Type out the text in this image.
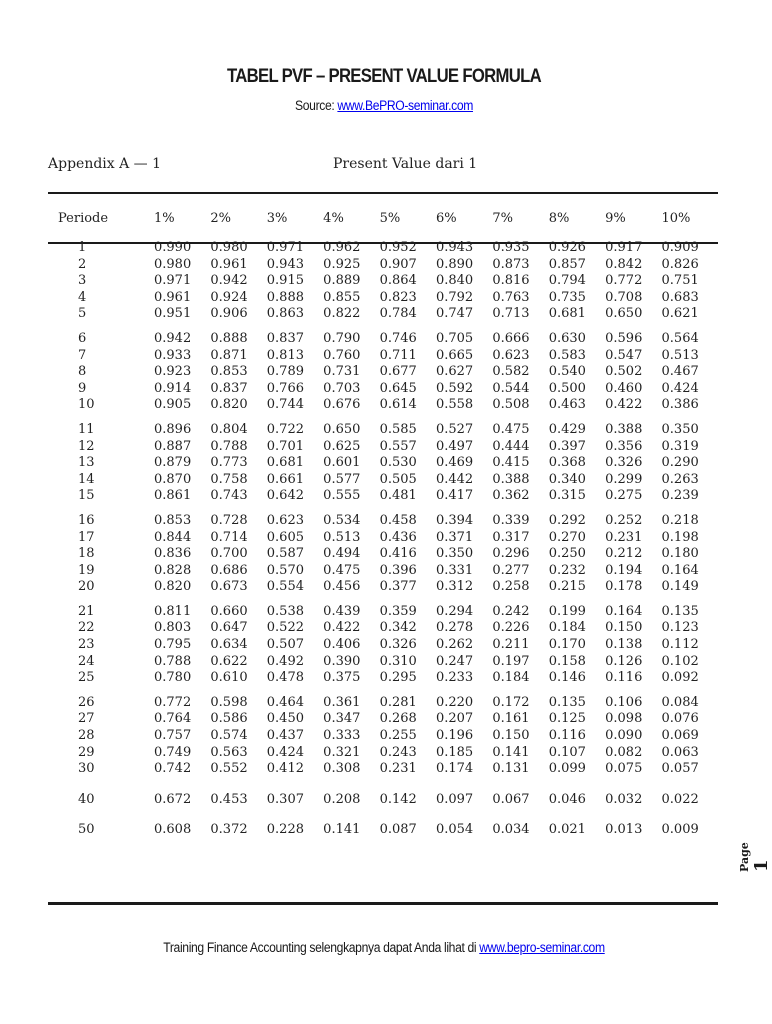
TABEL PVF – PRESENT VALUE FORMULA
Source: www.BePRO-seminar.com
Appendix A — 1	Present Value dari 1
Periode	1%	2%	3%	4%	5%	6%	7%	8%	9%	10%
1	0.990	0.980	0.971	0.962	0.952	0.943	0.935	0.926	0.917	0.909
2	0.980	0.961	0.943	0.925	0.907	0.890	0.873	0.857	0.842	0.826
3	0.971	0.942	0.915	0.889	0.864	0.840	0.816	0.794	0.772	0.751
4	0.961	0.924	0.888	0.855	0.823	0.792	0.763	0.735	0.708	0.683
5	0.951	0.906	0.863	0.822	0.784	0.747	0.713	0.681	0.650	0.621
6	0.942	0.888	0.837	0.790	0.746	0.705	0.666	0.630	0.596	0.564
7	0.933	0.871	0.813	0.760	0.711	0.665	0.623	0.583	0.547	0.513
8	0.923	0.853	0.789	0.731	0.677	0.627	0.582	0.540	0.502	0.467
9	0.914	0.837	0.766	0.703	0.645	0.592	0.544	0.500	0.460	0.424
10	0.905	0.820	0.744	0.676	0.614	0.558	0.508	0.463	0.422	0.386
11	0.896	0.804	0.722	0.650	0.585	0.527	0.475	0.429	0.388	0.350
12	0.887	0.788	0.701	0.625	0.557	0.497	0.444	0.397	0.356	0.319
13	0.879	0.773	0.681	0.601	0.530	0.469	0.415	0.368	0.326	0.290
14	0.870	0.758	0.661	0.577	0.505	0.442	0.388	0.340	0.299	0.263
15	0.861	0.743	0.642	0.555	0.481	0.417	0.362	0.315	0.275	0.239
16	0.853	0.728	0.623	0.534	0.458	0.394	0.339	0.292	0.252	0.218
17	0.844	0.714	0.605	0.513	0.436	0.371	0.317	0.270	0.231	0.198
18	0.836	0.700	0.587	0.494	0.416	0.350	0.296	0.250	0.212	0.180
19	0.828	0.686	0.570	0.475	0.396	0.331	0.277	0.232	0.194	0.164
20	0.820	0.673	0.554	0.456	0.377	0.312	0.258	0.215	0.178	0.149
21	0.811	0.660	0.538	0.439	0.359	0.294	0.242	0.199	0.164	0.135
22	0.803	0.647	0.522	0.422	0.342	0.278	0.226	0.184	0.150	0.123
23	0.795	0.634	0.507	0.406	0.326	0.262	0.211	0.170	0.138	0.112
24	0.788	0.622	0.492	0.390	0.310	0.247	0.197	0.158	0.126	0.102
25	0.780	0.610	0.478	0.375	0.295	0.233	0.184	0.146	0.116	0.092
26	0.772	0.598	0.464	0.361	0.281	0.220	0.172	0.135	0.106	0.084
27	0.764	0.586	0.450	0.347	0.268	0.207	0.161	0.125	0.098	0.076
28	0.757	0.574	0.437	0.333	0.255	0.196	0.150	0.116	0.090	0.069
29	0.749	0.563	0.424	0.321	0.243	0.185	0.141	0.107	0.082	0.063
30	0.742	0.552	0.412	0.308	0.231	0.174	0.131	0.099	0.075	0.057
40	0.672	0.453	0.307	0.208	0.142	0.097	0.067	0.046	0.032	0.022
50	0.608	0.372	0.228	0.141	0.087	0.054	0.034	0.021	0.013	0.009
Training Finance Accounting selengkapnya dapat Anda lihat di www.bepro-seminar.com
Page 1
